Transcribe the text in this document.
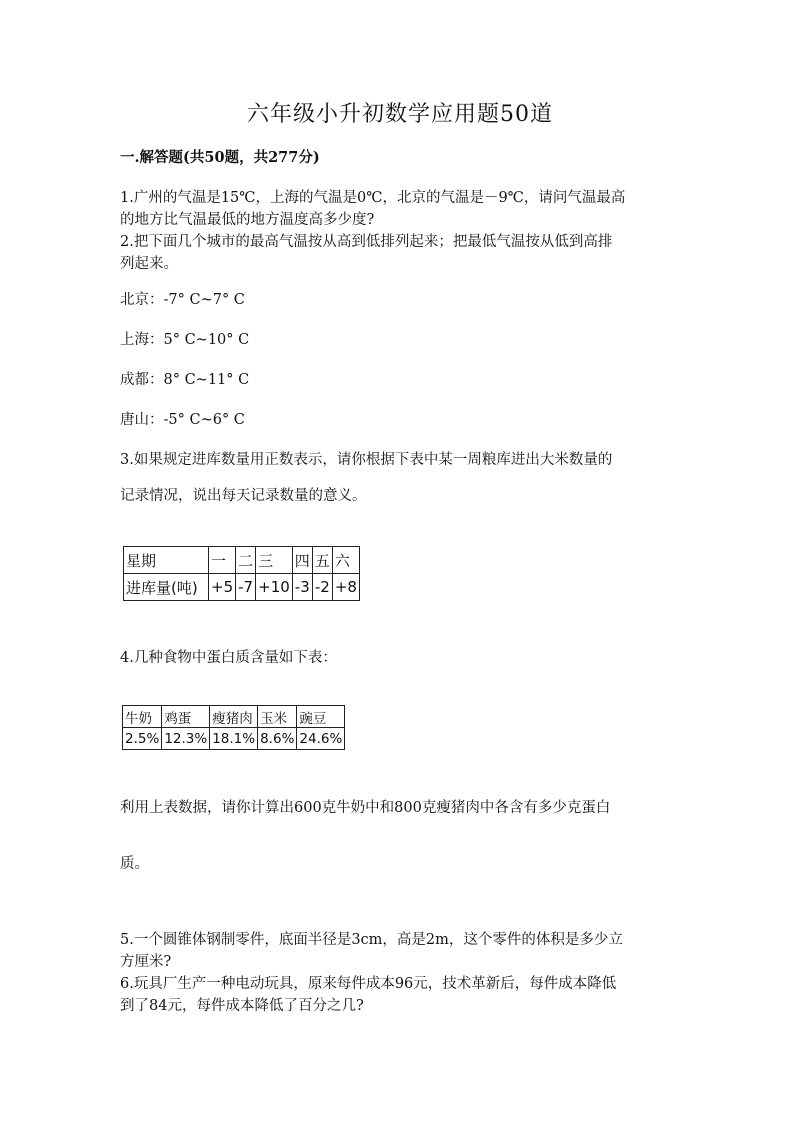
六年级小升初数学应用题50道
一.解答题(共50题，共277分)
1.广州的气温是15℃，上海的气温是0℃，北京的气温是－9℃，请问气温最高
的地方比气温最低的地方温度高多少度?
2.把下面几个城市的最高气温按从高到低排列起来；把最低气温按从低到高排
列起来。
北京：-7° C~7° C
上海：5° C~10° C
成都：8° C~11° C
唐山：-5° C~6° C
3.如果规定进库数量用正数表示，请你根据下表中某一周粮库进出大米数量的
记录情况，说出每天记录数量的意义。
星期	一	二	三	四	五	六
进库量(吨)	+5	-7	+10	-3	-2	+8
4.几种食物中蛋白质含量如下表：
牛奶	鸡蛋	瘦猪肉	玉米	豌豆
2.5%	12.3%	18.1%	8.6%	24.6%
利用上表数据，请你计算出600克牛奶中和800克瘦猪肉中各含有多少克蛋白
质。
5.一个圆锥体钢制零件，底面半径是3cm，高是2m，这个零件的体积是多少立
方厘米?
6.玩具厂生产一种电动玩具，原来每件成本96元，技术革新后，每件成本降低
到了84元，每件成本降低了百分之几?
